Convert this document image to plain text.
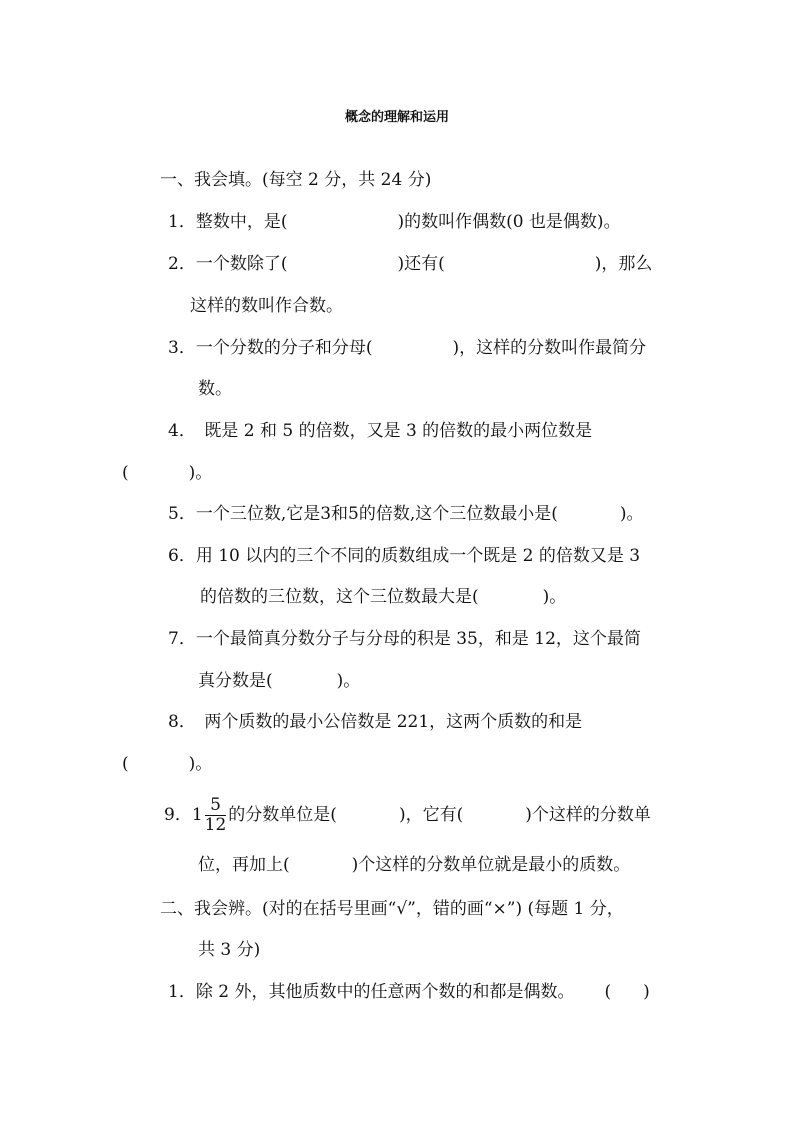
概念的理解和运用
一、我会填。(每空 2 分，共 24 分)
1．整数中，是(	)的数叫作偶数(0 也是偶数)。
2．一个数除了(	)还有(	)，那么
这样的数叫作合数。
3．一个分数的分子和分母(	)，这样的分数叫作最简分
数。
4．　既是 2 和 5 的倍数，又是 3 的倍数的最小两位数是
(	)。
5．一个三位数,它是3和5的倍数,这个三位数最小是(	)。
6．用 10 以内的三个不同的质数组成一个既是 2 的倍数又是 3
的倍数的三位数，这个三位数最大是(	)。
7．一个最简真分数分子与分母的积是 35，和是 12，这个最简
真分数是(	)。
8．　两个质数的最小公倍数是 221，这两个质数的和是
(	)。
9．$1 \frac{5}{12}$ 的分数单位是(	)，它有(	)个这样的分数单
位，再加上(	)个这样的分数单位就是最小的质数。
二、我会辨。(对的在括号里画“√”，错的画“×”) (每题 1 分，
共 3 分)
1．除 2 外，其他质数中的任意两个数的和都是偶数。 ( )
